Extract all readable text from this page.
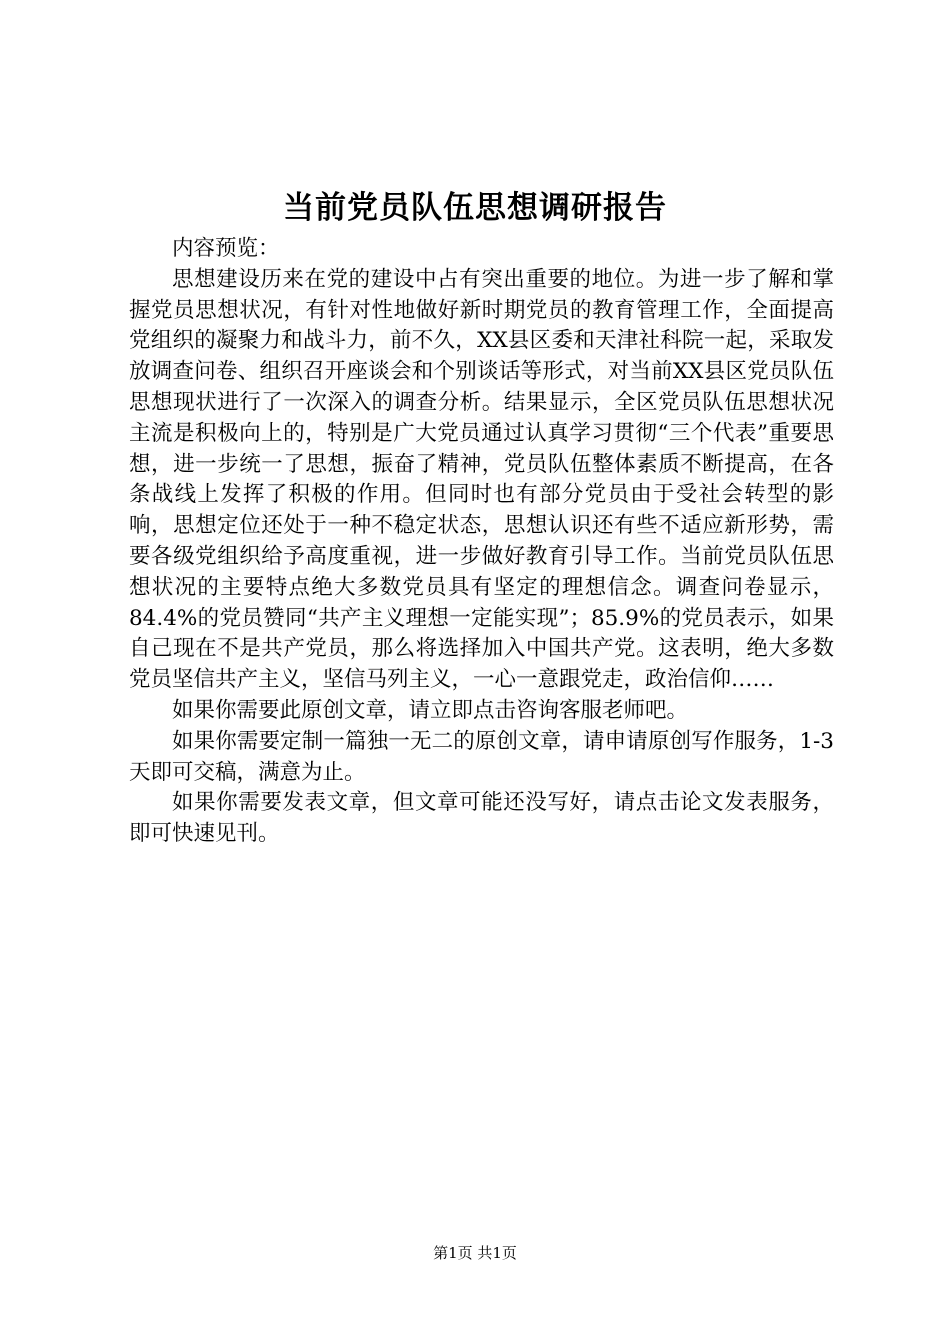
当前党员队伍思想调研报告

内容预览：

思想建设历来在党的建设中占有突出重要的地位。为进一步了解和掌握党员思想状况，有针对性地做好新时期党员的教育管理工作，全面提高党组织的凝聚力和战斗力，前不久，XX县区委和天津社科院一起，采取发放调查问卷、组织召开座谈会和个别谈话等形式，对当前XX县区党员队伍思想现状进行了一次深入的调查分析。结果显示，全区党员队伍思想状况主流是积极向上的，特别是广大党员通过认真学习贯彻“三个代表”重要思想，进一步统一了思想，振奋了精神，党员队伍整体素质不断提高，在各条战线上发挥了积极的作用。但同时也有部分党员由于受社会转型的影响，思想定位还处于一种不稳定状态，思想认识还有些不适应新形势，需要各级党组织给予高度重视，进一步做好教育引导工作。当前党员队伍思想状况的主要特点绝大多数党员具有坚定的理想信念。调查问卷显示，84.4%的党员赞同“共产主义理想一定能实现”；85.9%的党员表示，如果自己现在不是共产党员，那么将选择加入中国共产党。这表明，绝大多数党员坚信共产主义，坚信马列主义，一心一意跟党走，政治信仰……

如果你需要此原创文章，请立即点击咨询客服老师吧。

如果你需要定制一篇独一无二的原创文章，请申请原创写作服务，1-3天即可交稿，满意为止。

如果你需要发表文章，但文章可能还没写好，请点击论文发表服务，即可快速见刊。

第1页 共1页
